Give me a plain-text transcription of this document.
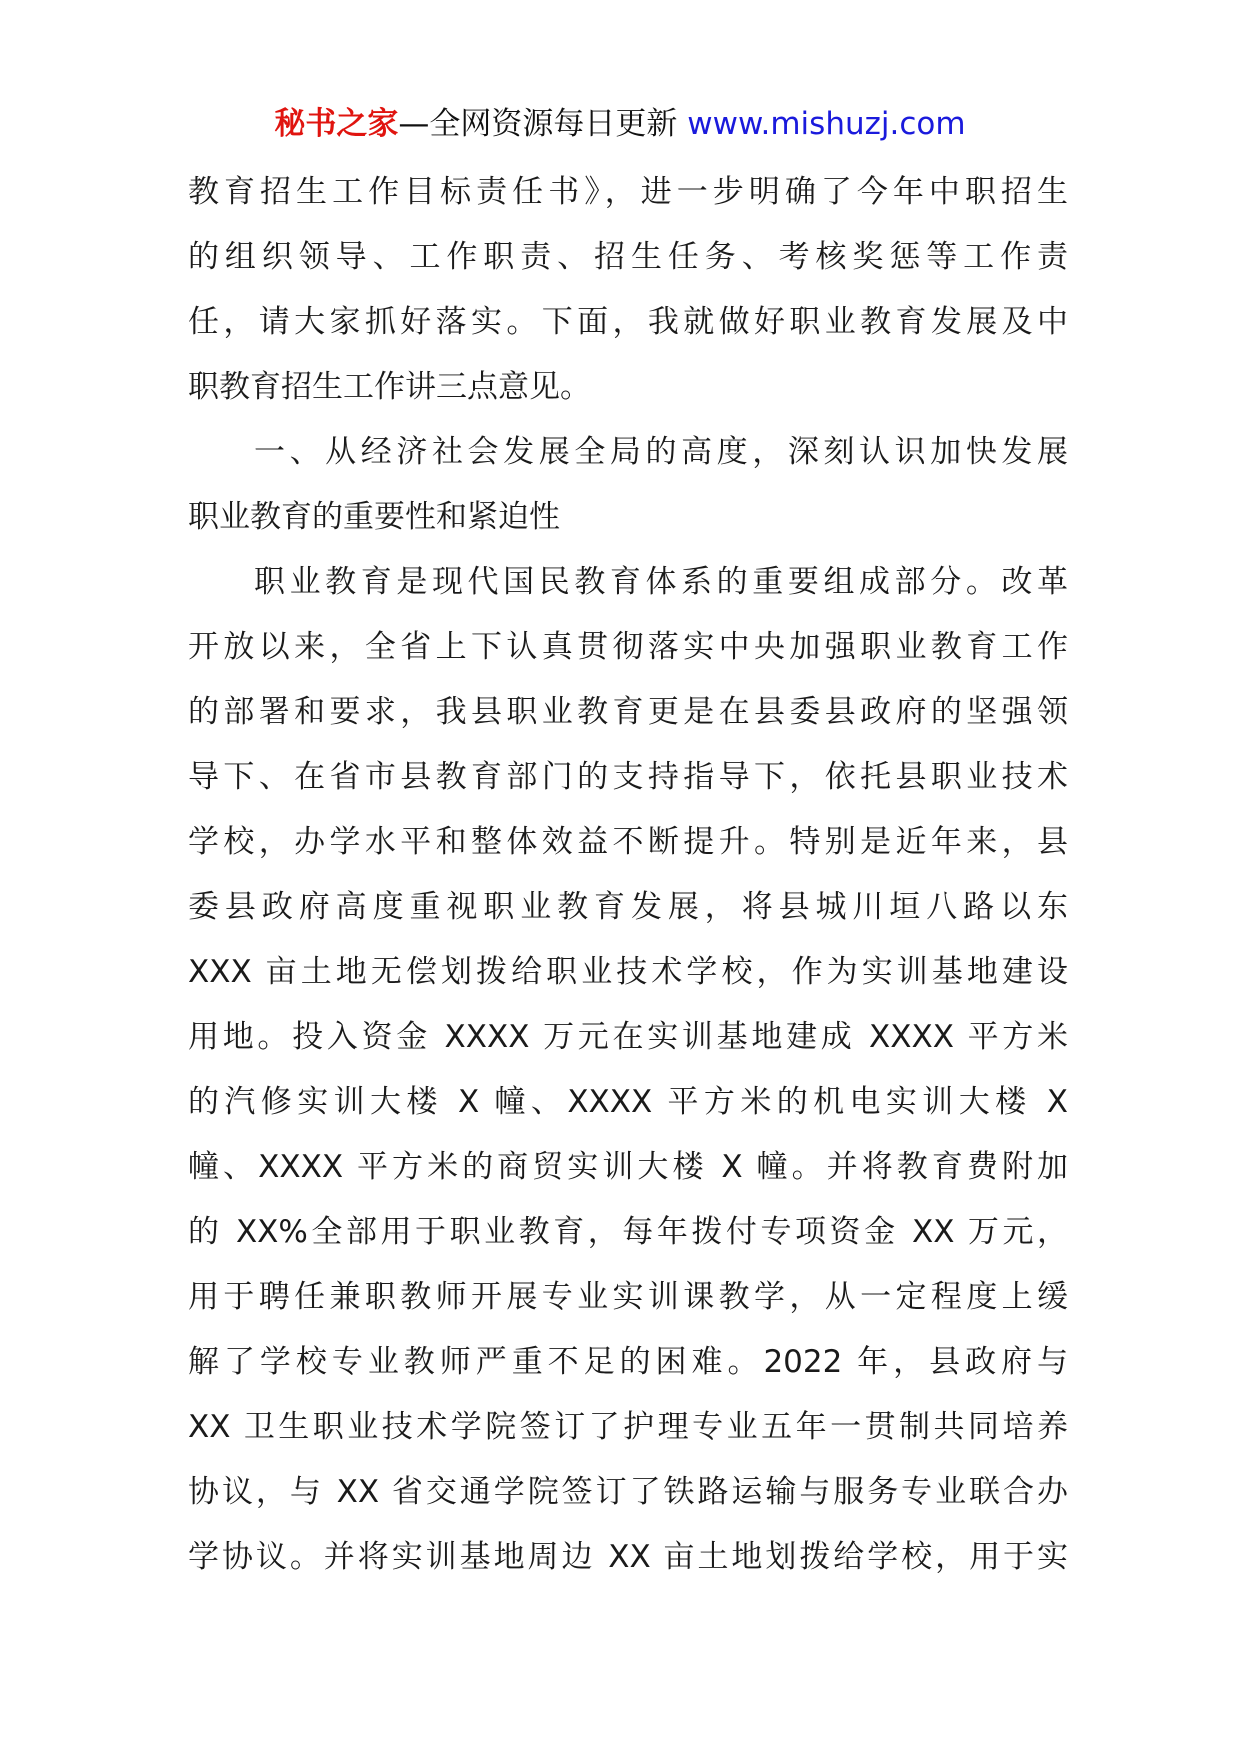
秘书之家—全网资源每日更新 www.mishuzj.com
教育招生工作目标责任书》，进一步明确了今年中职招生
的组织领导、工作职责、招生任务、考核奖惩等工作责
任，请大家抓好落实。下面，我就做好职业教育发展及中
职教育招生工作讲三点意见。
一、从经济社会发展全局的高度，深刻认识加快发展
职业教育的重要性和紧迫性
职业教育是现代国民教育体系的重要组成部分。改革
开放以来，全省上下认真贯彻落实中央加强职业教育工作
的部署和要求，我县职业教育更是在县委县政府的坚强领
导下、在省市县教育部门的支持指导下，依托县职业技术
学校，办学水平和整体效益不断提升。特别是近年来，县
委县政府高度重视职业教育发展，将县城川垣八路以东
XXX 亩土地无偿划拨给职业技术学校，作为实训基地建设
用地。投入资金 XXXX 万元在实训基地建成 XXXX 平方米
的汽修实训大楼 X 幢、XXXX 平方米的机电实训大楼 X
幢、XXXX 平方米的商贸实训大楼 X 幢。并将教育费附加
的 XX%全部用于职业教育，每年拨付专项资金 XX 万元，
用于聘任兼职教师开展专业实训课教学，从一定程度上缓
解了学校专业教师严重不足的困难。2022 年，县政府与
XX 卫生职业技术学院签订了护理专业五年一贯制共同培养
协议，与 XX 省交通学院签订了铁路运输与服务专业联合办
学协议。并将实训基地周边 XX 亩土地划拨给学校，用于实
